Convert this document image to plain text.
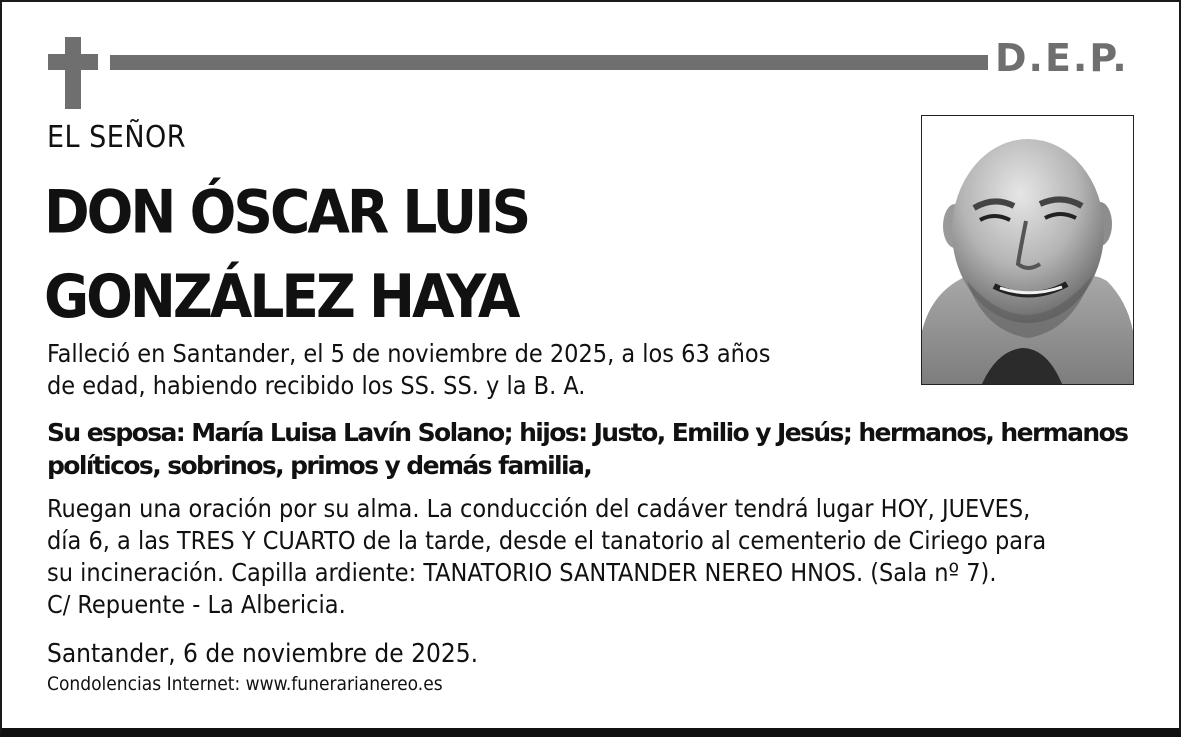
D.E.P.
EL SEÑOR
DON ÓSCAR LUIS
GONZÁLEZ HAYA
Falleció en Santander, el 5 de noviembre de 2025, a los 63 años
de edad, habiendo recibido los SS. SS. y la B. A.
Su esposa: María Luisa Lavín Solano; hijos: Justo, Emilio y Jesús; hermanos, hermanos
políticos, sobrinos, primos y demás familia,
Ruegan una oración por su alma. La conducción del cadáver tendrá lugar HOY, JUEVES,
día 6, a las TRES Y CUARTO de la tarde, desde el tanatorio al cementerio de Ciriego para
su incineración. Capilla ardiente: TANATORIO SANTANDER NEREO HNOS. (Sala nº 7).
C/ Repuente - La Albericia.
Santander, 6 de noviembre de 2025.
Condolencias Internet: www.funerarianereo.es
